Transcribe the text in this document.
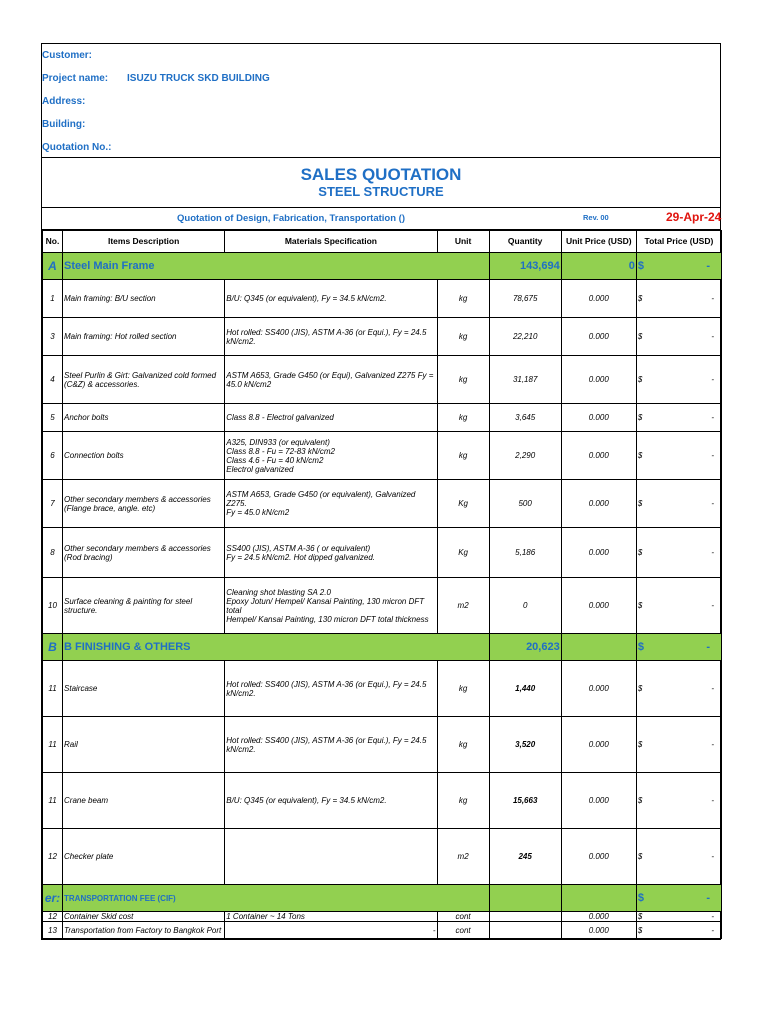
Customer:
Project name: ISUZU TRUCK SKD BUILDING
Address:
Building:
Quotation No.:
SALES QUOTATION
STEEL STRUCTURE
Quotation of Design, Fabrication, Transportation ()	Rev. 00	29-Apr-24
No.	Items Description	Materials Specification	Unit	Quantity	Unit Price (USD)	Total Price (USD)
A	Steel Main Frame			143,694	0	$ -

1	Main framing: B/U section	B/U: Q345 (or equivalent), Fy = 34.5 kN/cm2.	kg	78,675	0.000	$ -

3	Main framing: Hot rolled section	Hot rolled: SS400 (JIS), ASTM A-36 (or Equi.), Fy = 24.5 kN/cm2.	kg	22,210	0.000	$ -

4	Steel Purlin & Girt: Galvanized cold formed (C&Z) & accessories.	ASTM A653, Grade G450 (or Equi), Galvanized Z275 Fy = 45.0 kN/cm2	kg	31,187	0.000	$ -

5	Anchor bolts	Class 8.8 - Electrol galvanized	kg	3,645	0.000	$ -

6	Connection bolts	A325, DIN933 (or equivalent)
Class 8.8 - Fu = 72-83 kN/cm2
Class 4.6 - Fu = 40 kN/cm2
Electrol galvanized	kg	2,290	0.000	$ -

7	Other secondary members & accessories (Flange brace, angle. etc)	ASTM A653, Grade G450 (or equivalent), Galvanized Z275.
Fy = 45.0 kN/cm2	Kg	500	0.000	$ -

8	Other secondary members & accessories (Rod bracing)	SS400 (JIS), ASTM A-36 ( or equivalent)
Fy = 24.5 kN/cm2. Hot dipped galvanized.	Kg	5,186	0.000	$ -

10	Surface cleaning & painting for steel structure.	Cleaning shot blasting SA 2.0
Epoxy Jotun/ Hempel/ Kansai Painting, 130 micron DFT total
Hempel/ Kansai Painting, 130 micron DFT total thickness	m2	0	0.000	$ -

B	B FINISHING & OTHERS			20,623		$ -

11	Staircase	Hot rolled: SS400 (JIS), ASTM A-36 (or Equi.), Fy = 24.5 kN/cm2.	kg	1,440	0.000	$ -

11	Rail	Hot rolled: SS400 (JIS), ASTM A-36 (or Equi.), Fy = 24.5 kN/cm2.	kg	3,520	0.000	$ -

11	Crane beam	B/U: Q345 (or equivalent), Fy = 34.5 kN/cm2.	kg	15,663	0.000	$ -

12	Checker plate		m2	245	0.000	$ -

er:	TRANSPORTATION FEE (CIF)					$ -

12	Container Skid cost	1 Container ~ 14 Tons	cont		0.000	$ -

13	Transportation from Factory to Bangkok Port	-	cont		0.000	$ -
